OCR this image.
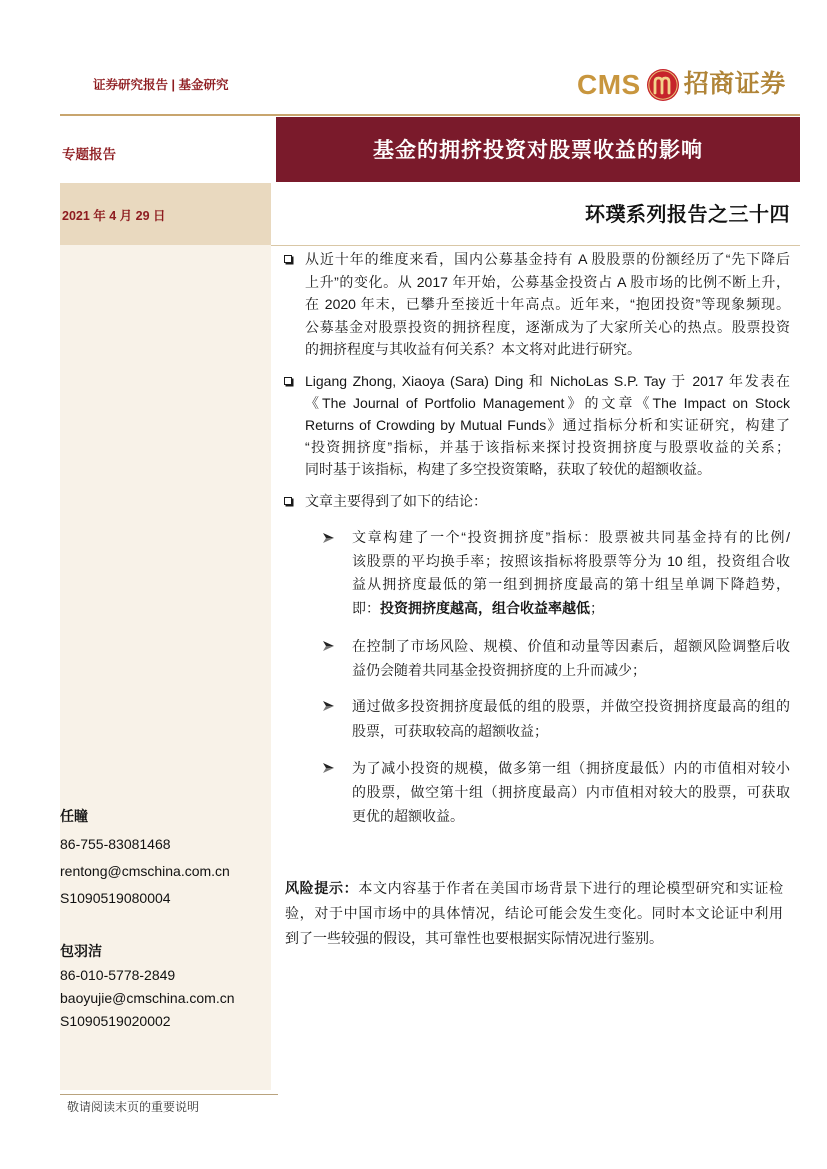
证券研究报告 | 基金研究	CMS 招商证券
专题报告	基金的拥挤投资对股票收益的影响
2021 年 4 月 29 日	环璞系列报告之三十四
任瞳
86-755-83081468
rentong@cmschina.com.cn
S1090519080004
包羽洁
86-010-5778-2849
baoyujie@cmschina.com.cn
S1090519020002
从近十年的维度来看，国内公募基金持有 A 股股票的份额经历了“先下降后
上升”的变化。从 2017 年开始，公募基金投资占 A 股市场的比例不断上升，
在 2020 年末，已攀升至接近十年高点。近年来，“抱团投资”等现象频现。
公募基金对股票投资的拥挤程度，逐渐成为了大家所关心的热点。股票投资
的拥挤程度与其收益有何关系？本文将对此进行研究。
Ligang Zhong, Xiaoya (Sara) Ding 和 NichoLas S.P. Tay 于 2017 年发表在
《The Journal of Portfolio Management》的文章《The Impact on Stock
Returns of Crowding by Mutual Funds》通过指标分析和实证研究，构建了
“投资拥挤度”指标，并基于该指标来探讨投资拥挤度与股票收益的关系；
同时基于该指标，构建了多空投资策略，获取了较优的超额收益。
文章主要得到了如下的结论：
文章构建了一个“投资拥挤度”指标：股票被共同基金持有的比例/
该股票的平均换手率；按照该指标将股票等分为 10 组，投资组合收
益从拥挤度最低的第一组到拥挤度最高的第十组呈单调下降趋势，
即：投资拥挤度越高，组合收益率越低；
在控制了市场风险、规模、价值和动量等因素后，超额风险调整后收
益仍会随着共同基金投资拥挤度的上升而减少；
通过做多投资拥挤度最低的组的股票，并做空投资拥挤度最高的组的
股票，可获取较高的超额收益；
为了减小投资的规模，做多第一组（拥挤度最低）内的市值相对较小
的股票，做空第十组（拥挤度最高）内市值相对较大的股票，可获取
更优的超额收益。
风险提示：本文内容基于作者在美国市场背景下进行的理论模型研究和实证检
验，对于中国市场中的具体情况，结论可能会发生变化。同时本文论证中利用
到了一些较强的假设，其可靠性也要根据实际情况进行鉴别。
敬请阅读末页的重要说明
